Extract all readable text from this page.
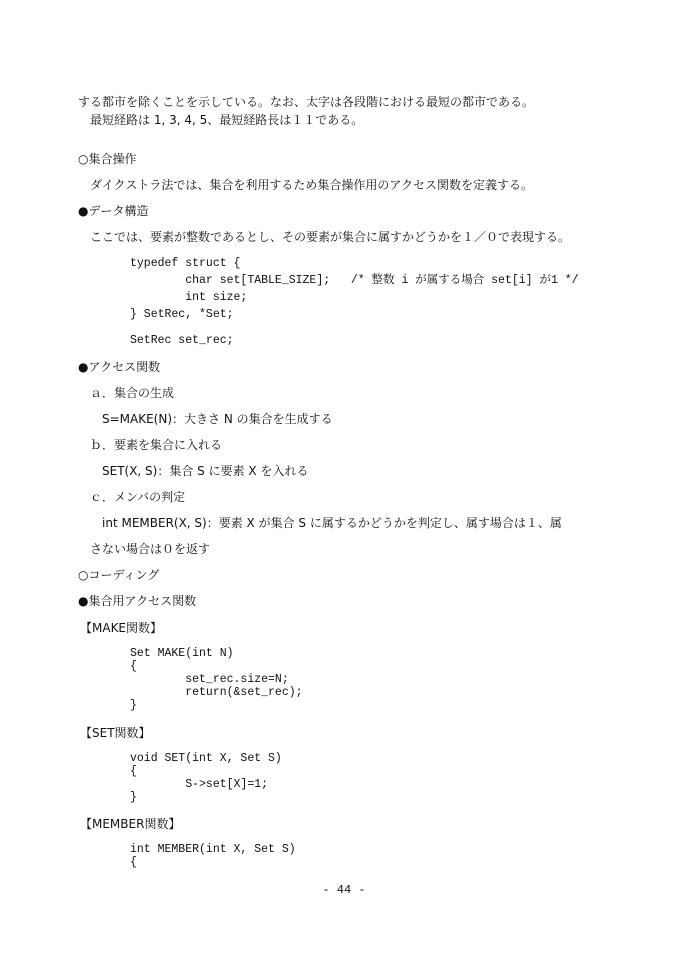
する都市を除くことを示している。なお、太字は各段階における最短の都市である。
最短経路は 1, 3, 4, 5、最短経路長は１１である。
○集合操作
ダイクストラ法では、集合を利用するため集合操作用のアクセス関数を定義する。
●データ構造
ここでは、要素が整数であるとし、その要素が集合に属すかどうかを１／０で表現する。
typedef struct {
char set[TABLE_SIZE];   /* 整数 i が属する場合 set[i] が1 */
int size;
} SetRec, *Set;
SetRec set_rec;
●アクセス関数
ａ．集合の生成
S=MAKE(N)：大きさ N の集合を生成する
ｂ．要素を集合に入れる
SET(X, S)：集合 S に要素 X を入れる
ｃ．メンバの判定
int MEMBER(X, S)：要素 X が集合 S に属するかどうかを判定し、属す場合は１、属
さない場合は０を返す
○コーディング
●集合用アクセス関数
【MAKE関数】
Set MAKE(int N)
{
set_rec.size=N;
return(&set_rec);
}
【SET関数】
void SET(int X, Set S)
{
S->set[X]=1;
}
【MEMBER関数】
int MEMBER(int X, Set S)
{
- 44 -
